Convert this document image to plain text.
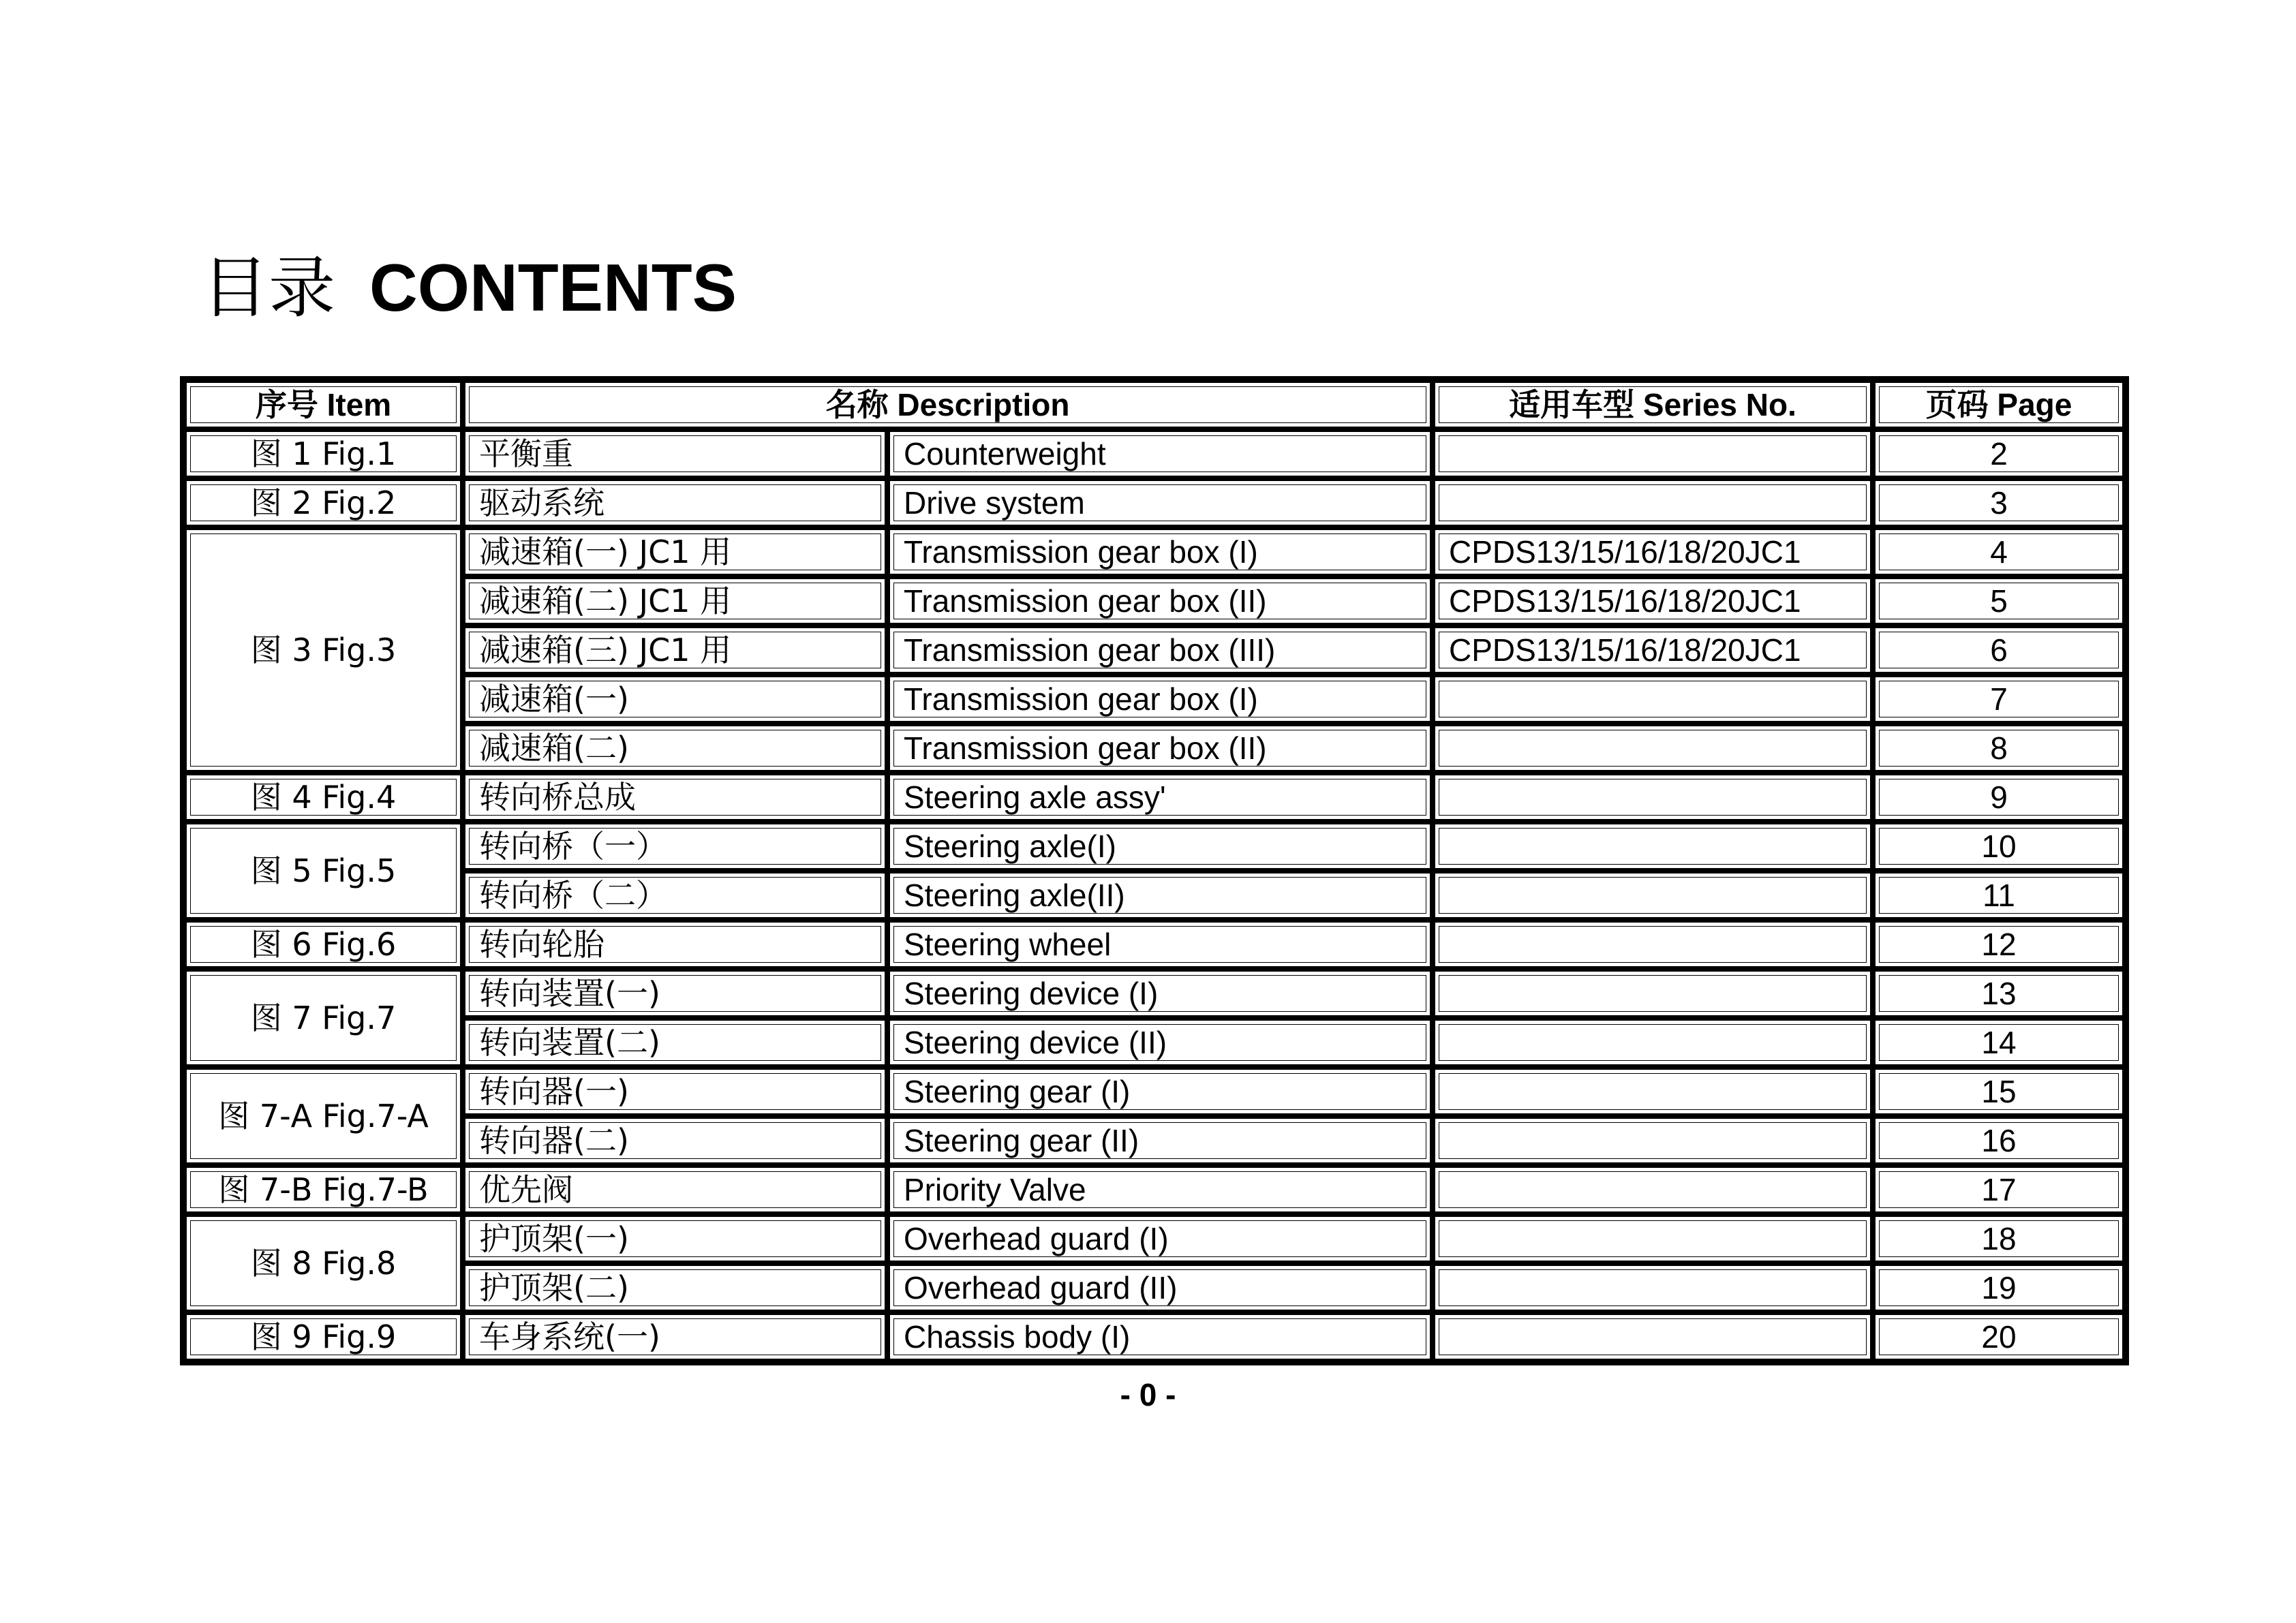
目录 CONTENTS
序号 Item	名称 Description		适用车型 Series No.	页码 Page
图 1 Fig.1	平衡重	Counterweight		2
图 2 Fig.2	驱动系统	Drive system		3
图 3 Fig.3	减速箱(一) JC1 用	Transmission gear box (I)	CPDS13/15/16/18/20JC1	4
	减速箱(二) JC1 用	Transmission gear box (II)	CPDS13/15/16/18/20JC1	5
	减速箱(三) JC1 用	Transmission gear box (III)	CPDS13/15/16/18/20JC1	6
	减速箱(一)	Transmission gear box (I)		7
	减速箱(二)	Transmission gear box (II)		8
图 4 Fig.4	转向桥总成	Steering axle assy'		9
图 5 Fig.5	转向桥（一）	Steering axle(I)		10
	转向桥（二）	Steering axle(II)		11
图 6 Fig.6	转向轮胎	Steering wheel		12
图 7 Fig.7	转向装置(一)	Steering device (I)		13
	转向装置(二)	Steering device (II)		14
图 7-A Fig.7-A	转向器(一)	Steering gear (I)		15
	转向器(二)	Steering gear (II)		16
图 7-B Fig.7-B	优先阀	Priority Valve		17
图 8 Fig.8	护顶架(一)	Overhead guard (I)		18
	护顶架(二)	Overhead guard (II)		19
图 9 Fig.9	车身系统(一)	Chassis body (I)		20
- 0 -
